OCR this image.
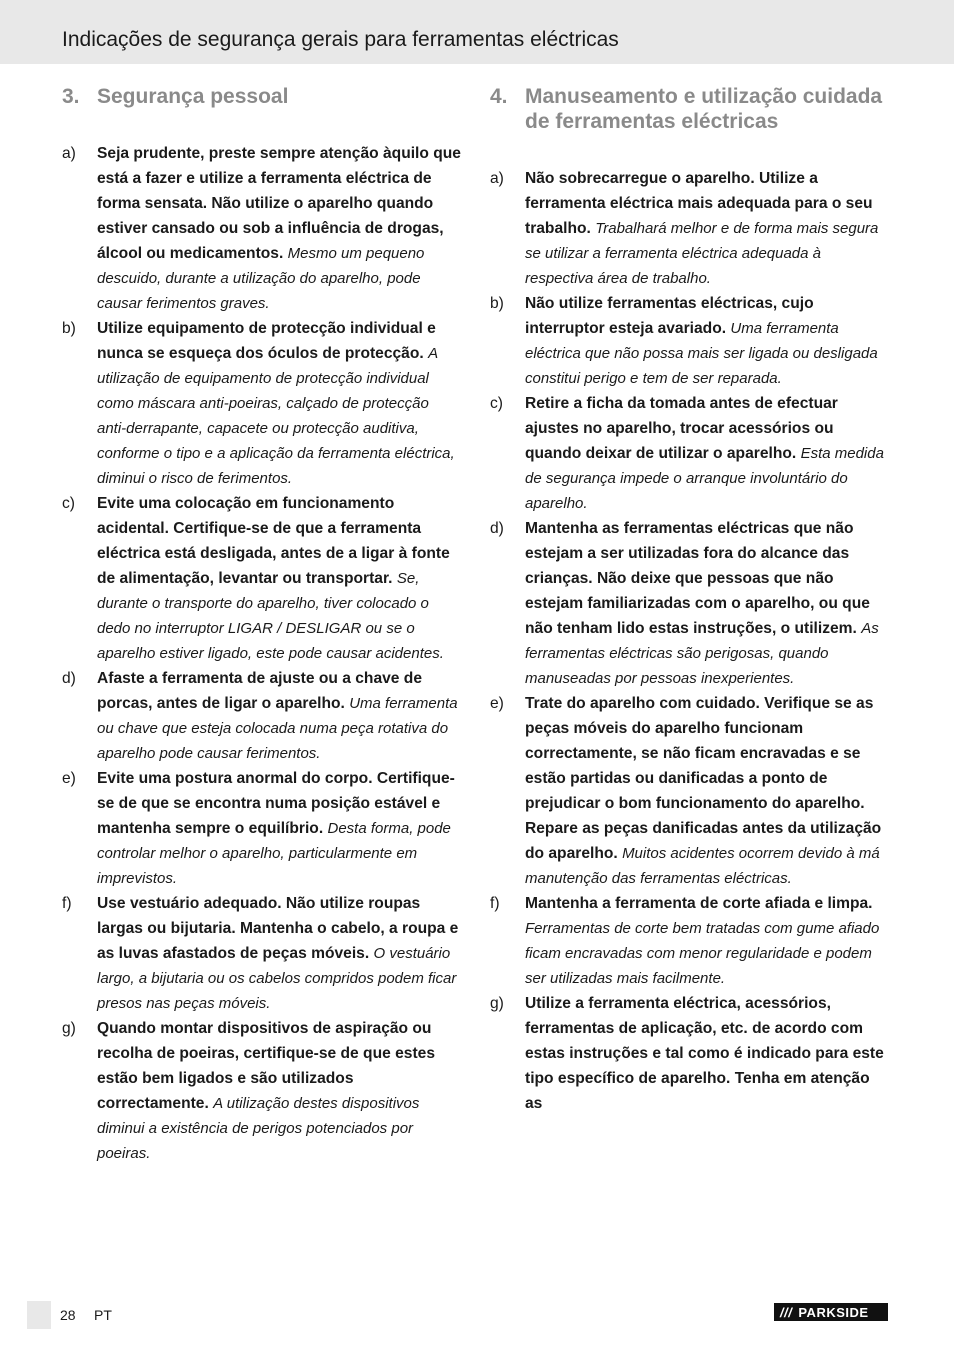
Indicações de segurança gerais para ferramentas eléctricas
3. Segurança pessoal
a)	Seja prudente, preste sempre atenção àquilo que está a fazer e utilize a ferramenta eléctrica de forma sensata. Não utilize o aparelho quando estiver cansado ou sob a influência de drogas, álcool ou medicamentos. Mesmo um pequeno descuido, durante a utilização do aparelho, pode causar ferimentos graves.
b)	Utilize equipamento de protecção individual e nunca se esqueça dos óculos de protecção. A utilização de equipamento de protecção individual como máscara anti-poeiras, calçado de protecção anti-derrapante, capacete ou protecção auditiva, conforme o tipo e a aplicação da ferramenta eléctrica, diminui o risco de ferimentos.
c)	Evite uma colocação em funcionamento acidental. Certifique-se de que a ferramenta eléctrica está desligada, antes de a ligar à fonte de alimentação, levantar ou transportar. Se, durante o transporte do aparelho, tiver colocado o dedo no interruptor LIGAR / DESLIGAR ou se o aparelho estiver ligado, este pode causar acidentes.
d)	Afaste a ferramenta de ajuste ou a chave de porcas, antes de ligar o aparelho. Uma ferramenta ou chave que esteja colocada numa peça rotativa do aparelho pode causar ferimentos.
e)	Evite uma postura anormal do corpo. Certifique-se de que se encontra numa posição estável e mantenha sempre o equilíbrio. Desta forma, pode controlar melhor o aparelho, particularmente em imprevistos.
f)	Use vestuário adequado. Não utilize roupas largas ou bijutaria. Mantenha o cabelo, a roupa e as luvas afastados de peças móveis. O vestuário largo, a bijutaria ou os cabelos compridos podem ficar presos nas peças móveis.
g)	Quando montar dispositivos de aspiração ou recolha de poeiras, certifique-se de que estes estão bem ligados e são utilizados correctamente. A utilização destes dispositivos diminui a existência de perigos potenciados por poeiras.
4. Manuseamento e utilização cuidada de ferramentas eléctricas
a)	Não sobrecarregue o aparelho. Utilize a ferramenta eléctrica mais adequada para o seu trabalho. Trabalhará melhor e de forma mais segura se utilizar a ferramenta eléctrica adequada à respectiva área de trabalho.
b)	Não utilize ferramentas eléctricas, cujo interruptor esteja avariado. Uma ferramenta eléctrica que não possa mais ser ligada ou desligada constitui perigo e tem de ser reparada.
c)	Retire a ficha da tomada antes de efectuar ajustes no aparelho, trocar acessórios ou quando deixar de utilizar o aparelho. Esta medida de segurança impede o arranque involuntário do aparelho.
d)	Mantenha as ferramentas eléctricas que não estejam a ser utilizadas fora do alcance das crianças. Não deixe que pessoas que não estejam familiarizadas com o aparelho, ou que não tenham lido estas instruções, o utilizem. As ferramentas eléctricas são perigosas, quando manuseadas por pessoas inexperientes.
e)	Trate do aparelho com cuidado. Verifique se as peças móveis do aparelho funcionam correctamente, se não ficam encravadas e se estão partidas ou danificadas a ponto de prejudicar o bom funcionamento do aparelho. Repare as peças danificadas antes da utilização do aparelho. Muitos acidentes ocorrem devido à má manutenção das ferramentas eléctricas.
f)	Mantenha a ferramenta de corte afiada e limpa. Ferramentas de corte bem tratadas com gume afiado ficam encravadas com menor regularidade e podem ser utilizadas mais facilmente.
g)	Utilize a ferramenta eléctrica, acessórios, ferramentas de aplicação, etc. de acordo com estas instruções e tal como é indicado para este tipo específico de aparelho. Tenha em atenção as
28 PT	/// PARKSIDE
